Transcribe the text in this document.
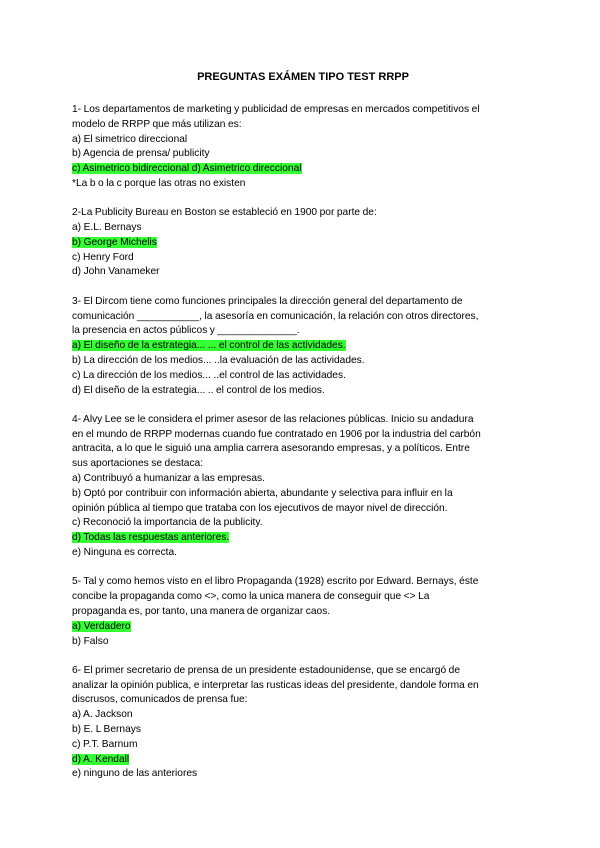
PREGUNTAS EXÁMEN TIPO TEST RRPP
1- Los departamentos de marketing y publicidad de empresas en mercados competitivos el
modelo de RRPP que más utilizan es:
a) El simetrico direccional
b) Agencia de prensa/ publicity
c) Asimetrico bidireccional d) Asimetrico direccional
*La b o la c porque las otras no existen
2-La Publicity Bureau en Boston se estableció en 1900 por parte de:
a) E.L. Bernays
b) George Michelis
c) Henry Ford
d) John Vanameker
3- El Dircom tiene como funciones principales la dirección general del departamento de
comunicación ___________, la asesoría en comunicación, la relación con otros directores,
la presencia en actos públicos y ______________.
a) El diseño de la estrategia... ... el control de las actividades.
b) La dirección de los medios... ..la evaluación de las actividades.
c) La dirección de los medios... ..el control de las actividades.
d) El diseño de la estrategia... .. el control de los medios.
4- Alvy Lee se le considera el primer asesor de las relaciones públicas. Inicio su andadura
en el mundo de RRPP modernas cuando fue contratado en 1906 por la industria del carbón
antracita, a lo que le siguió una amplia carrera asesorando empresas, y a políticos. Entre
sus aportaciones se destaca:
a) Contribuyó a humanizar a las empresas.
b) Optó por contribuir con información abierta, abundante y selectiva para influir en la
opinión pública al tiempo que trataba con los ejecutivos de mayor nivel de dirección.
c) Reconoció la importancia de la publicity.
d) Todas las respuestas anteriores.
e) Ninguna es correcta.
5- Tal y como hemos visto en el libro Propaganda (1928) escrito por Edward. Bernays, éste
concibe la propaganda como <>, como la unica manera de conseguir que <> La
propaganda es, por tanto, una manera de organizar caos.
a) Verdadero
b) Falso
6- El primer secretario de prensa de un presidente estadounidense, que se encargó de
analizar la opinión publica, e interpretar las rusticas ideas del presidente, dandole forma en
discrusos, comunicados de prensa fue:
a) A. Jackson
b) E. L Bernays
c) P.T. Barnum
d) A. Kendall
e) ninguno de las anteriores
